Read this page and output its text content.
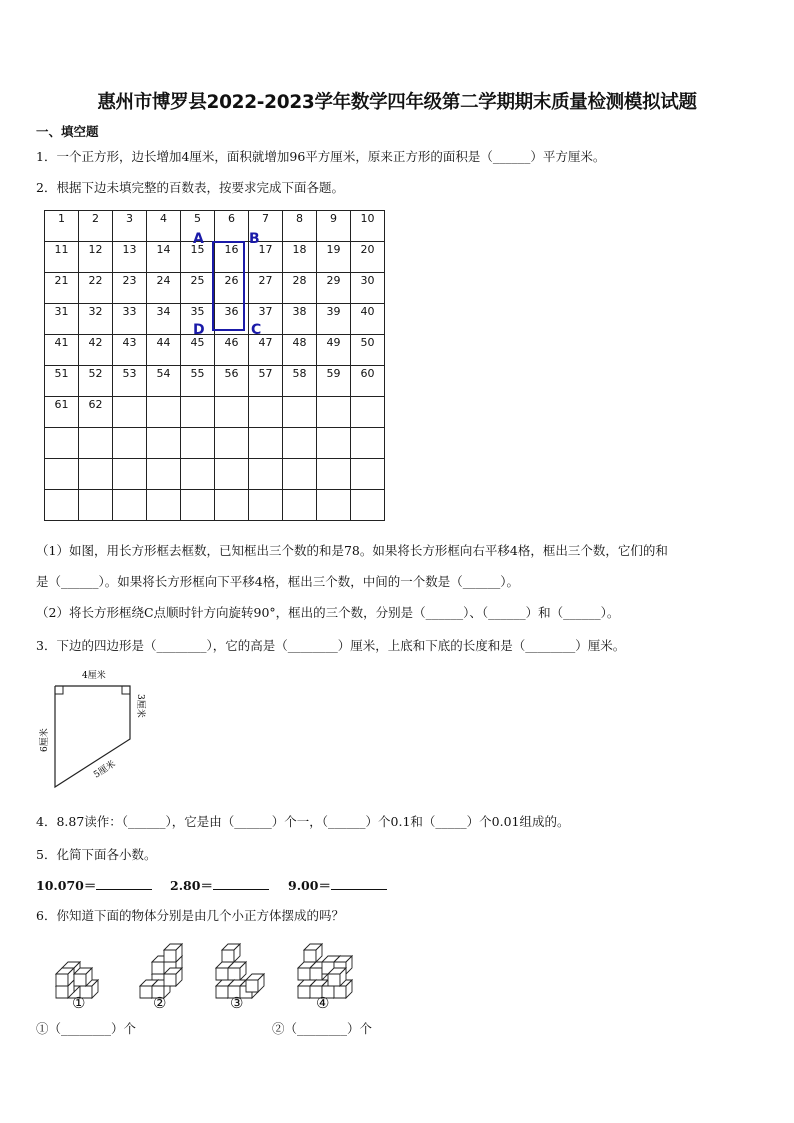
惠州市博罗县2022-2023学年数学四年级第二学期期末质量检测模拟试题
一、填空题
1．一个正方形，边长增加4厘米，面积就增加96平方厘米，原来正方形的面积是（______）平方厘米。
2．根据下边未填完整的百数表，按要求完成下面各题。
1	2	3	4	5	6	7	8	9	10
11	12	13	14	15	16	17	18	19	20
21	22	23	24	25	26	27	28	29	30
31	32	33	34	35	36	37	38	39	40
41	42	43	44	45	46	47	48	49	50
51	52	53	54	55	56	57	58	59	60
61	62								

A	B
C
D
（1）如图，用长方形框去框数，已知框出三个数的和是78。如果将长方形框向右平移4格，框出三个数，它们的和
是（______）。如果将长方形框向下平移4格，框出三个数，中间的一个数是（______）。
（2）将长方形框绕C点顺时针方向旋转90°，框出的三个数，分别是（______）、（______）和（______）。
3．下边的四边形是（________），它的高是（________）厘米，上底和下底的长度和是（________）厘米。
4厘米
3厘米
6厘米
5厘米
4．8.87读作：（______），它是由（______）个一，（______）个0.1和（_____）个0.01组成的。
5．化简下面各小数。
10.070＝	2.80＝	9.00＝
6．你知道下面的物体分别是由几个小正方体摆成的吗？
①	②	③	④
①（________）个	②（________）个
